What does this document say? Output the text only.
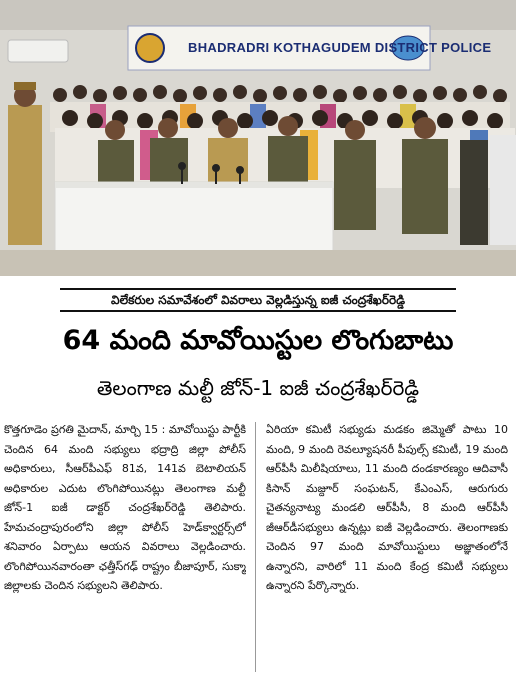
BHADRADRI KOTHAGUDEM DISTRICT POLICE
విలేకరుల సమావేశంలో వివరాలు వెల్లడిస్తున్న ఐజీ చంద్రశేఖర్‌రెడ్డి
64 మంది మావోయిస్టుల లొంగుబాటు
తెలంగాణ మల్టీ జోన్‌-1 ఐజీ చంద్రశేఖర్‌రెడ్డి

కొత్తగూడెం ప్రగతి మైదాన్‌, మార్చి 15 : మావోయిస్టు పార్టీకి చెందిన 64 మంది సభ్యులు భద్రాద్రి జిల్లా పోలీస్‌ అధికారులు, సీఆర్‌పీఎఫ్‌ 81వ, 141వ బెటాలియన్‌ అధికారుల ఎదుట లొంగిపోయినట్లు తెలంగాణ మల్టీ జోన్‌-1 ఐజీ డాక్టర్‌ చంద్రశేఖర్‌రెడ్డి తెలిపారు. హేమచంద్రాపురంలోని జిల్లా పోలీస్‌ హెడ్‌క్వార్టర్స్‌లో శనివారం ఏర్పాటు ఆయన వివరాలు వెల్లడించారు. లొంగిపోయినవారంతా ఛత్తీస్‌గఢ్‌ రాష్ట్రం బీజాపూర్‌, సుక్మా జిల్లాలకు చెందిన సభ్యులని తెలిపారు.

ఏరియా కమిటీ సభ్యుడు మడకం జిమ్మెతో పాటు 10 మంది, 9 మంది రెవల్యూషనరీ పీపుల్స్‌ కమిటీ, 19 మంది ఆర్‌పీసీ మిలీషియాలు, 11 మంది దండకారణ్యం ఆదివాసీ కిసాన్‌ మజ్దూర్‌ సంఘటన్‌, కేఎంఎస్‌, ఆరుగురు చైతన్యనాట్య మండలి ఆర్‌పీసీ, 8 మంది ఆర్‌పీసీ జీఆర్‌డీసభ్యులు ఉన్నట్లు ఐజీ వెల్లడించారు. తెలంగాణకు చెందిన 97 మంది మావోయిస్టులు అజ్ఞాతంలోనే ఉన్నారని, వారిలో 11 మంది కేంద్ర కమిటీ సభ్యులు ఉన్నారని పేర్కొన్నారు.
